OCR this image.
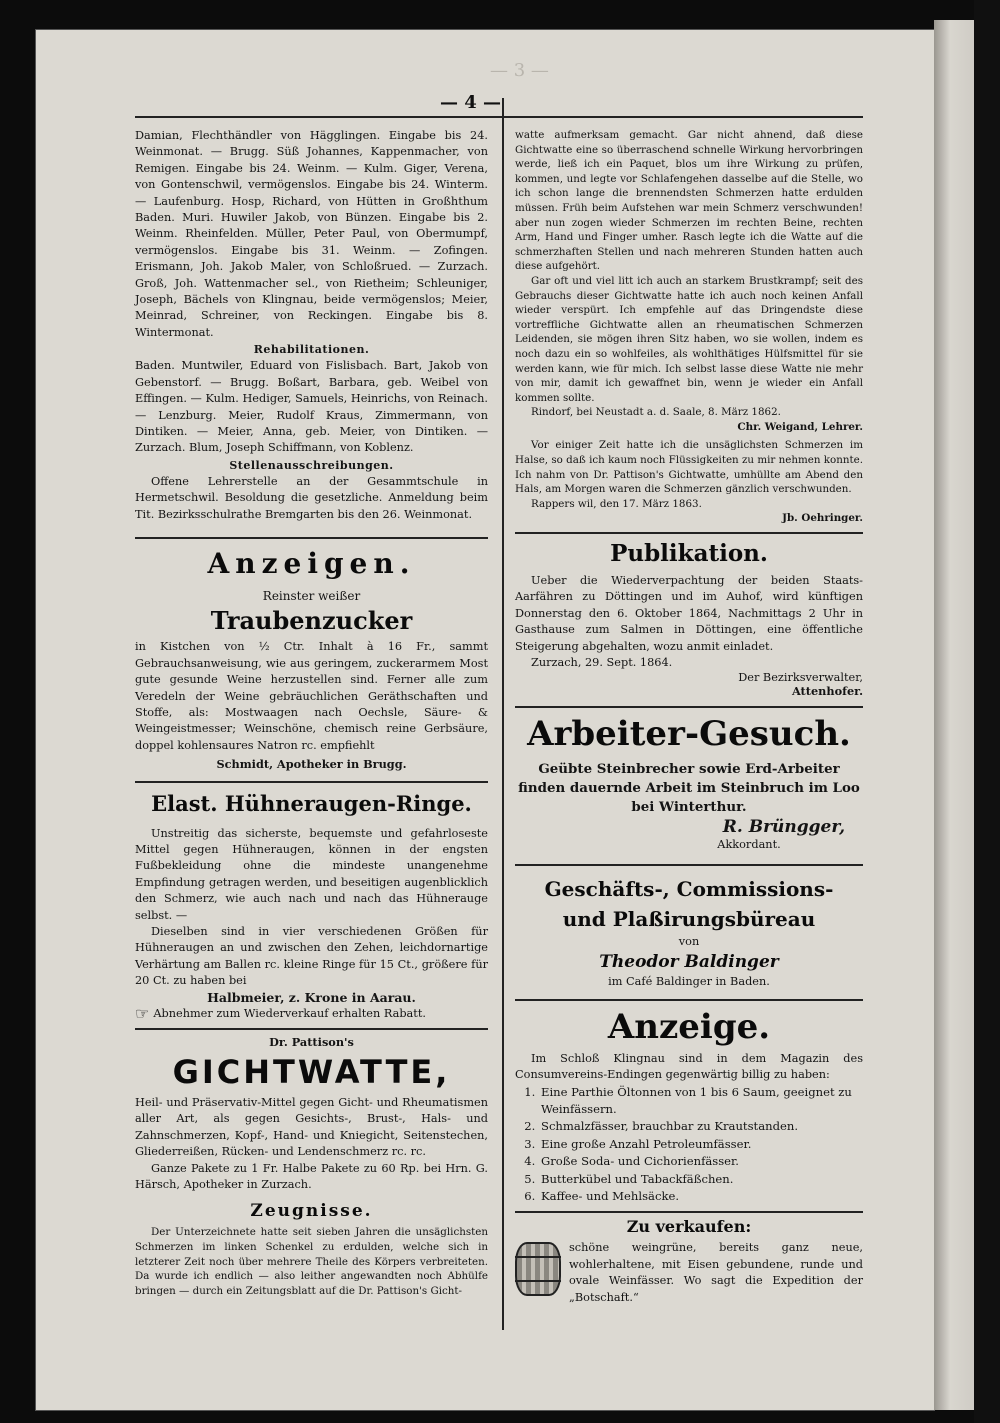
— 3 —
— 4 —

Damian, Flechthändler von Hägglingen. Eingabe bis 24. Weinmonat. — Brugg. Süß Johannes, Kappenmacher, von Remigen. Eingabe bis 24. Weinm. — Kulm. Giger, Verena, von Gontenschwil, vermögenslos. Eingabe bis 24. Winterm. — Laufenburg. Hosp, Richard, von Hütten in Großhthum Baden. Muri. Huwiler Jakob, von Bünzen. Eingabe bis 2. Weinm. Rheinfelden. Müller, Peter Paul, von Obermumpf, vermögenslos. Eingabe bis 31. Weinm. — Zofingen. Erismann, Joh. Jakob Maler, von Schloßrued. — Zurzach. Groß, Joh. Wattenmacher sel., von Rietheim; Schleuniger, Joseph, Bächels von Klingnau, beide vermögenslos; Meier, Meinrad, Schreiner, von Reckingen. Eingabe bis 8. Wintermonat.

Rehabilitationen.

Baden. Muntwiler, Eduard von Fislisbach. Bart, Jakob von Gebenstorf. — Brugg. Boßart, Barbara, geb. Weibel von Effingen. — Kulm. Hediger, Samuels, Heinrichs, von Reinach. — Lenzburg. Meier, Rudolf Kraus, Zimmermann, von Dintiken. — Meier, Anna, geb. Meier, von Dintiken. — Zurzach. Blum, Joseph Schiffmann, von Koblenz.

Stellenausschreibungen.

Offene Lehrerstelle an der Gesammtschule in Hermetschwil. Besoldung die gesetzliche. Anmeldung beim Tit. Bezirksschulrathe Bremgarten bis den 26. Weinmonat.

Anzeigen.
Reinster weißer
Traubenzucker

in Kistchen von ½ Ctr. Inhalt à 16 Fr., sammt Gebrauchsanweisung, wie aus geringem, zuckerarmem Most gute gesunde Weine herzustellen sind. Ferner alle zum Veredeln der Weine gebräuchlichen Geräthschaften und Stoffe, als: Mostwaagen nach Oechsle, Säure- & Weingeistmesser; Weinschöne, chemisch reine Gerbsäure, doppel kohlensaures Natron rc. empfiehlt

Schmidt, Apotheker in Brugg.
Elast. Hühneraugen-Ringe.

Unstreitig das sicherste, bequemste und gefahrloseste Mittel gegen Hühneraugen, können in der engsten Fußbekleidung ohne die mindeste unangenehme Empfindung getragen werden, und beseitigen augenblicklich den Schmerz, wie auch nach und nach das Hühnerauge selbst. —

Dieselben sind in vier verschiedenen Größen für Hühneraugen an und zwischen den Zehen, leichdornartige Verhärtung am Ballen rc. kleine Ringe für 15 Ct., größere für 20 Ct. zu haben bei

Halbmeier, z. Krone in Aarau.

☞ Abnehmer zum Wiederverkauf erhalten Rabatt.

Dr. Pattison's
GICHTWATTE,

Heil- und Präservativ-Mittel gegen Gicht- und Rheumatismen aller Art, als gegen Gesichts-, Brust-, Hals- und Zahnschmerzen, Kopf-, Hand- und Kniegicht, Seitenstechen, Gliederreißen, Rücken- und Lendenschmerz rc. rc.

Ganze Pakete zu 1 Fr. Halbe Pakete zu 60 Rp. bei Hrn. G. Härsch, Apotheker in Zurzach.

Zeugnisse.

Der Unterzeichnete hatte seit sieben Jahren die unsäglichsten Schmerzen im linken Schenkel zu erdulden, welche sich in letzterer Zeit noch über mehrere Theile des Körpers verbreiteten. Da wurde ich endlich — also leither angewandten noch Abhülfe bringen — durch ein Zeitungsblatt auf die Dr. Pattison's Gicht-

watte aufmerksam gemacht. Gar nicht ahnend, daß diese Gichtwatte eine so überraschend schnelle Wirkung hervorbringen werde, ließ ich ein Paquet, blos um ihre Wirkung zu prüfen, kommen, und legte vor Schlafengehen dasselbe auf die Stelle, wo ich schon lange die brennendsten Schmerzen hatte erdulden müssen. Früh beim Aufstehen war mein Schmerz verschwunden! aber nun zogen wieder Schmerzen im rechten Beine, rechten Arm, Hand und Finger umher. Rasch legte ich die Watte auf die schmerzhaften Stellen und nach mehreren Stunden hatten auch diese aufgehört.

Gar oft und viel litt ich auch an starkem Brustkrampf; seit des Gebrauchs dieser Gichtwatte hatte ich auch noch keinen Anfall wieder verspürt. Ich empfehle auf das Dringendste diese vortreffliche Gichtwatte allen an rheumatischen Schmerzen Leidenden, sie mögen ihren Sitz haben, wo sie wollen, indem es noch dazu ein so wohlfeiles, als wohlthätiges Hülfsmittel für sie werden kann, wie für mich. Ich selbst lasse diese Watte nie mehr von mir, damit ich gewaffnet bin, wenn je wieder ein Anfall kommen sollte.

Rindorf, bei Neustadt a. d. Saale, 8. März 1862.
Chr. Weigand, Lehrer.

Vor einiger Zeit hatte ich die unsäglichsten Schmerzen im Halse, so daß ich kaum noch Flüssigkeiten zu mir nehmen konnte. Ich nahm von Dr. Pattison's Gichtwatte, umhüllte am Abend den Hals, am Morgen waren die Schmerzen gänzlich verschwunden.

Rappers wil, den 17. März 1863.
Jb. Oehringer.
Publikation.

Ueber die Wiederverpachtung der beiden Staats-Aarfähren zu Döttingen und im Auhof, wird künftigen Donnerstag den 6. Oktober 1864, Nachmittags 2 Uhr in Gasthause zum Salmen in Döttingen, eine öffentliche Steigerung abgehalten, wozu anmit einladet.

Zurzach, 29. Sept. 1864.
Der Bezirksverwalter,
Attenhofer.
Arbeiter-Gesuch.

Geübte Steinbrecher sowie Erd-Arbeiter finden dauernde Arbeit im Steinbruch im Loo bei Winterthur.

R. Brüngger,
Akkordant.
Geschäfts-, Commissions-
und Plaßirungsbüreau
von
Theodor Baldinger
im Café Baldinger in Baden.
Anzeige.

Im Schloß Klingnau sind in dem Magazin des Consumvereins-Endingen gegenwärtig billig zu haben:

1. Eine Parthie Öltonnen von 1 bis 6 Saum, geeignet zu Weinfässern.
2. Schmalzfässer, brauchbar zu Krautstanden.
3. Eine große Anzahl Petroleumfässer.
4. Große Soda- und Cichorienfässer.
5. Butterkübel und Tabackfäßchen.
6. Kaffee- und Mehlsäcke.
Zu verkaufen:

schöne weingrüne, bereits ganz neue, wohlerhaltene, mit Eisen gebundene, runde und ovale Weinfässer. Wo sagt die Expedition der „Botschaft.“
